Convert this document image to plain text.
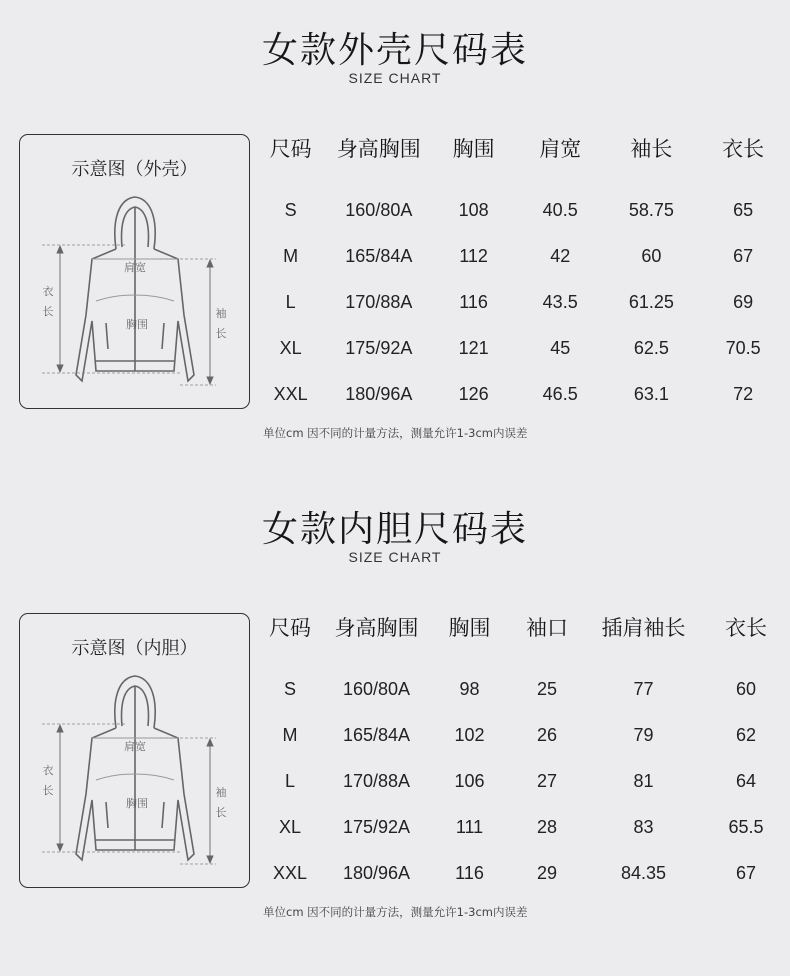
女款外壳尺码表
SIZE CHART
示意图（外壳）
肩宽
胸围
衣
长	袖
长
尺码	身高胸围	胸围	肩宽	袖长	衣长

S	160/80A	108	40.5	58.75	65
M	165/84A	112	42	60	67
L	170/88A	116	43.5	61.25	69
XL	175/92A	121	45	62.5	70.5
XXL	180/96A	126	46.5	63.1	72
单位cm 因不同的计量方法，测量允许1-3cm内误差
女款内胆尺码表
SIZE CHART
示意图（内胆）
肩宽
胸围
衣
长	袖
长
尺码	身高胸围	胸围	袖口	插肩袖长	衣长

S	160/80A	98	25	77	60
M	165/84A	102	26	79	62
L	170/88A	106	27	81	64
XL	175/92A	111	28	83	65.5
XXL	180/96A	116	29	84.35	67
单位cm 因不同的计量方法，测量允许1-3cm内误差
